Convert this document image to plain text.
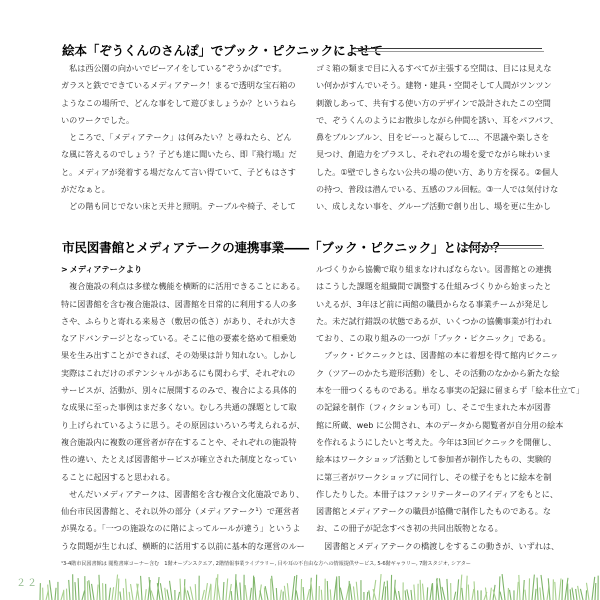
絵本「ぞうくんのさんぽ」でブック・ピクニックによせて

　私は西公園の向かいでピーアイをしている“ぞうかば”です。

ガラスと鉄でできているメディアテーク！まるで透明な宝石箱の

ようなこの場所で、どんな事をして遊びましょうか？というねら

いのワークでした。

　ところで、「メディアテーク」は何みたい？と尋ねたら、どん

な風に答えるのでしょう？子ども達に聞いたら、即『飛行場』だ

と。メディアが発着する場だなんて言い得ていて、子どもはさす

がだなぁと。

　どの階も同じでない床と天井と照明。テーブルや椅子、そして

ゴミ箱の類まで目に入るすべてが主張する空間は、目には見えな

い何かがすんでいそう。建物・建具・空間そして人間がツンツン

刺激しあって、共有する使い方のデザインで設計されたこの空間

で、ぞうくんのようにお散歩しながら仲間を誘い、耳をパフパフ、

鼻をブルンブルン、目をピーっと凝らして…、不思議や楽しさを

見つけ、創造力をプラスし、それぞれの場を愛でながら味わいま

した。①壁でしきらない公共の場の使い方、あり方を探る。②個人

の持つ、普段は潜んでいる、五感のフル回転。③一人では気付けな

い、成しえない事を、グループ活動で創り出し、場を更に生かし

市民図書館とメディアテークの連携事業――「ブック・ピクニック」とは何か？

> メディアテークより

　複合施設の利点は多様な機能を横断的に活用できることにある。

特に図書館を含む複合施設は、図書館を日常的に利用する人の多

さや、ふらりと寄れる来易さ（敷居の低さ）があり、それが大き

なアドバンテージとなっている。そこに他の要素を絡めて相乗効

果を生み出すことができれば、その効果は計り知れない。しかし

実際はこれだけのポテンシャルがあるにも関わらず、それぞれの

サービスが、活動が、別々に展開するのみで、複合による具体的

な成果に至った事例はまだ多くない。むしろ共通の課題として取

り上げられているように思う。その原因はいろいろ考えられるが、

複合施設内に複数の運営者が存在することや、それぞれの施設特

性の違い、たとえば図書館サービスが確立された制度となってい

ることに起因すると思われる。

　せんだいメディアテークは、図書館を含む複合文化施設であり、

仙台市民図書館と、それ以外の部分（メディアテーク¹）で運営者

が異なる。「一つの施設なのに階によってルールが違う」というよ

うな問題が生じれば、横断的に活用する以前に基本的な運営のルー

ルづくりから協働で取り組まなければならない。図書館との連携

はこうした課題を組織間で調整する仕組みづくりから始まったと

いえるが、3年ほど前に両館の職員からなる事業チームが発足し

た。未だ試行錯誤の状態であるが、いくつかの協働事業が行われ

ており、この取り組みの一つが「ブック・ピクニック」である。

　ブック・ピクニックとは、図書館の本に着想を得て館内ピクニッ

ク（ツアーのかたち遊形活動）をし、その活動のなかから新たな絵

本を一冊つくるものである。単なる事実の記録に留まらず「絵本仕立て」

の記録を制作（フィクションも可）し、そこで生まれた本が図書

館に所蔵、web に公開され、本のデータから閲覧者が自分用の絵本

を作れるようにしたいと考えた。今年は3回ピクニックを開催し、

絵本はワークショップ活動として参加者が制作したもの、実験的

に第三者がワークショップに同行し、その様子をもとに絵本を制

作したりした。本冊子はファシリテーターのアイディアをもとに、

図書館とメディアテークの職員が協働で制作したものである。な

お、この冊子が記念すべき初の共同出版物となる。

　図書館とメディアテークの橋渡しをするこの動きが、いずれは、

¹3-4階市民図書館は 閲覧書庫コーナー含む　1階オープンスクエア, 2階情報事業ライブラリー, 目や耳の不自由な方への情報提供サービス, 5-6階ギャラリー, 7階スタジオ, シアター
２２
